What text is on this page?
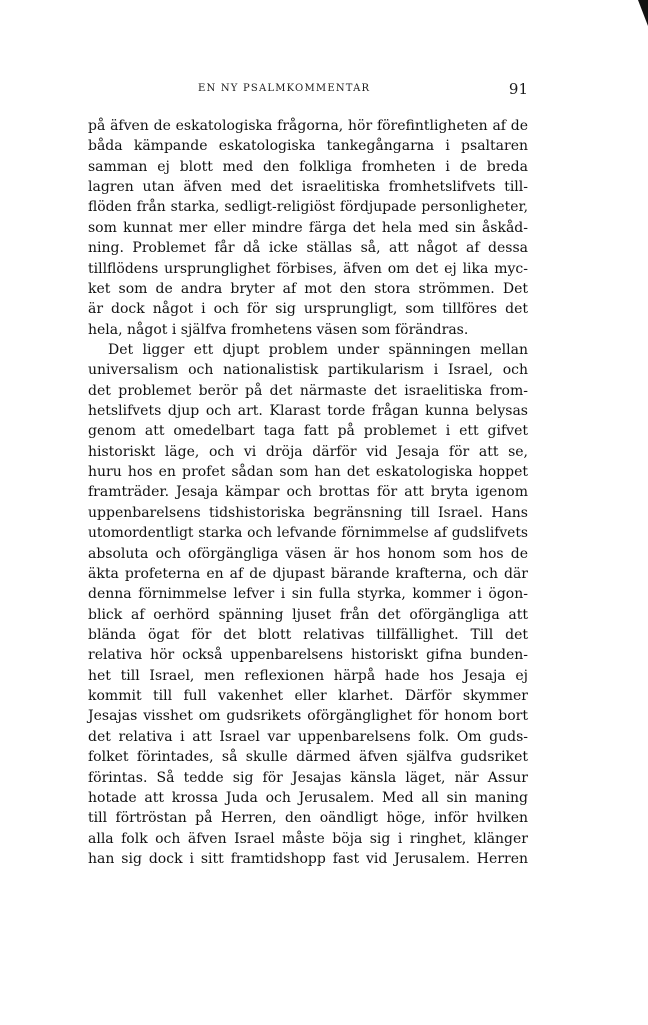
EN NY PSALMKOMMENTAR	91
på äfven de eskatologiska frågorna, hör förefintligheten af de
båda kämpande eskatologiska tankegångarna i psaltaren
samman ej blott med den folkliga fromheten i de breda
lagren utan äfven med det israelitiska fromhetslifvets till-
flöden från starka, sedligt-religiöst fördjupade personligheter,
som kunnat mer eller mindre färga det hela med sin åskåd-
ning. Problemet får då icke ställas så, att något af dessa
tillflödens ursprunglighet förbises, äfven om det ej lika myc-
ket som de andra bryter af mot den stora strömmen. Det
är dock något i och för sig ursprungligt, som tillföres det
hela, något i själfva fromhetens väsen som förändras.
Det ligger ett djupt problem under spänningen mellan
universalism och nationalistisk partikularism i Israel, och
det problemet berör på det närmaste det israelitiska from-
hetslifvets djup och art. Klarast torde frågan kunna belysas
genom att omedelbart taga fatt på problemet i ett gifvet
historiskt läge, och vi dröja därför vid Jesaja för att se,
huru hos en profet sådan som han det eskatologiska hoppet
framträder. Jesaja kämpar och brottas för att bryta igenom
uppenbarelsens tidshistoriska begränsning till Israel. Hans
utomordentligt starka och lefvande förnimmelse af gudslifvets
absoluta och oförgängliga väsen är hos honom som hos de
äkta profeterna en af de djupast bärande krafterna, och där
denna förnimmelse lefver i sin fulla styrka, kommer i ögon-
blick af oerhörd spänning ljuset från det oförgängliga att
blända ögat för det blott relativas tillfällighet. Till det
relativa hör också uppenbarelsens historiskt gifna bunden-
het till Israel, men reflexionen härpå hade hos Jesaja ej
kommit till full vakenhet eller klarhet. Därför skymmer
Jesajas visshet om gudsrikets oförgänglighet för honom bort
det relativa i att Israel var uppenbarelsens folk. Om guds-
folket förintades, så skulle därmed äfven själfva gudsriket
förintas. Så tedde sig för Jesajas känsla läget, när Assur
hotade att krossa Juda och Jerusalem. Med all sin maning
till förtröstan på Herren, den oändligt höge, inför hvilken
alla folk och äfven Israel måste böja sig i ringhet, klänger
han sig dock i sitt framtidshopp fast vid Jerusalem. Herren
